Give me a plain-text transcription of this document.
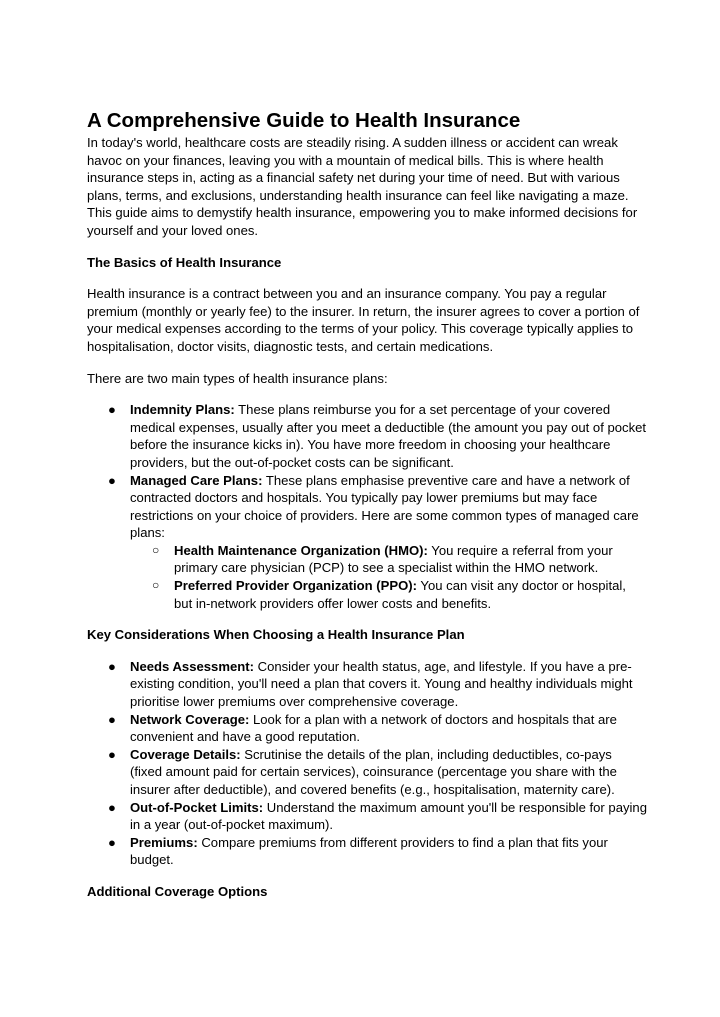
A Comprehensive Guide to Health Insurance

In today's world, healthcare costs are steadily rising. A sudden illness or accident can wreak havoc on your finances, leaving you with a mountain of medical bills. This is where health insurance steps in, acting as a financial safety net during your time of need. But with various plans, terms, and exclusions, understanding health insurance can feel like navigating a maze. This guide aims to demystify health insurance, empowering you to make informed decisions for yourself and your loved ones.

The Basics of Health Insurance

Health insurance is a contract between you and an insurance company. You pay a regular premium (monthly or yearly fee) to the insurer. In return, the insurer agrees to cover a portion of your medical expenses according to the terms of your policy. This coverage typically applies to hospitalisation, doctor visits, diagnostic tests, and certain medications.

There are two main types of health insurance plans:

● Indemnity Plans: These plans reimburse you for a set percentage of your covered medical expenses, usually after you meet a deductible (the amount you pay out of pocket before the insurance kicks in). You have more freedom in choosing your healthcare providers, but the out-of-pocket costs can be significant.
● Managed Care Plans: These plans emphasise preventive care and have a network of contracted doctors and hospitals. You typically pay lower premiums but may face restrictions on your choice of providers. Here are some common types of managed care plans:
○ Health Maintenance Organization (HMO): You require a referral from your primary care physician (PCP) to see a specialist within the HMO network.
○ Preferred Provider Organization (PPO): You can visit any doctor or hospital, but in-network providers offer lower costs and benefits.
Key Considerations When Choosing a Health Insurance Plan
● Needs Assessment: Consider your health status, age, and lifestyle. If you have a pre-existing condition, you'll need a plan that covers it. Young and healthy individuals might prioritise lower premiums over comprehensive coverage.
● Network Coverage: Look for a plan with a network of doctors and hospitals that are convenient and have a good reputation.
● Coverage Details: Scrutinise the details of the plan, including deductibles, co-pays (fixed amount paid for certain services), coinsurance (percentage you share with the insurer after deductible), and covered benefits (e.g., hospitalisation, maternity care).
● Out-of-Pocket Limits: Understand the maximum amount you'll be responsible for paying in a year (out-of-pocket maximum).
● Premiums: Compare premiums from different providers to find a plan that fits your budget.
Additional Coverage Options
